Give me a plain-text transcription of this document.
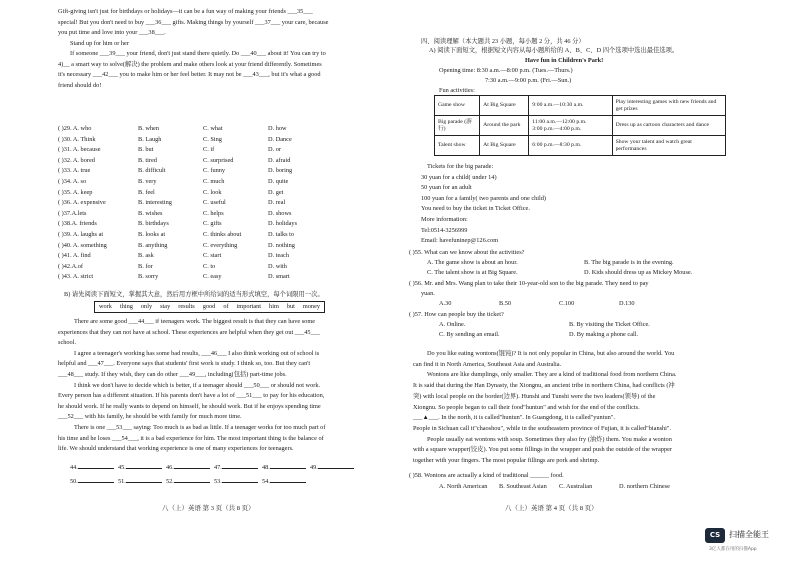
Gift-giving isn't just for birthdays or holidays—it can be a fun way of making your friends ___35___
special! But you don't need to buy ___36___ gifts. Making things by yourself ___37___ your care, because
you put time and love into your ___38___.
Stand up for him or her
If someone ___39___ your friend, don't just stand there quietly. Do ___40___ about it! You can try to
4)__ a smart way to solve(解决) the problem and make others look at your friend differently. Sometimes
it's necessary ___42___ you to make him or her feel better. It may not be ___43___, but it's what a good
friend should do!
( )29. A. who	B. when	C. what	D. how
( )30. A. Think	B. Laugh	C. Sing	D. Dance
( )31. A. because	B. but	C. if	D. or
( )32. A. bored	B. tired	C. surprised	D. afraid
( )33. A. true	B. difficult	C. funny	D. boring
( )34. A. so	B. very	C. much	D. quite
( )35. A. keep	B. feel	C. look	D. get
( )36. A. expensive	B. interesting	C. useful	D. real
( )37.A.lets	B. wishes	C. helps	D. shows
( )38.A. friends	B. birthdays	C. gifts	D. holidays
( )39. A. laughs at	B. looks at	C. thinks about	D. talks to
( )40. A. something	B. anything	C. everything	D. nothing
( )41. A. find	B. ask	C. start	D. teach
( )42.A.of	B. for	C. to	D. with
( )43. A. strict	B. sorry	C. easy	D. smart
B) 请先阅读下面短文，掌握其大意，然后用方框中所给词的适当形式填空，每个词限用一次。
work thing only stay results good of important him but money
There are some good ___44___ if teenagers work. The biggest result is that they can have some
experiences that they can not have at school. These experiences are helpful when they get out ___45___
school.
I agree a teenager's working has some bad results, ___46___ I also think working out of school is
helpful and ___47___. Everyone says that students' first work is study. I think so, too. But they can't
___48___ study. If they wish, they can do other ___49___, including(包括) part-time jobs.
I think we don't have to decide which is better, if a teenager should ___50___ or should not work.
Every person has a different situation. If his parents don't have a lot of ___51___ to pay for his education,
he should work. If he really wants to depend on himself, he should work. But if he enjoys spending time
___52___ with his family, he should be with family for much more time.
There is one ___53___ saying: Too much is as bad as little. If a teenager works for too much part of
his time and he loses ___54___, it is a bad experience for him. The most important thing is the balance of
life. We should understand that working experience is one of many experiences for teenagers.
44.	45.	46.	47.	48.	49.
50.	51.	52.	53.	54.
八（上）英语 第 3 页（共 8 页）
四、阅读理解（本大题共 23 小题，每小题 2 分，共 46 分）
A) 阅读下面短文，根据短文内容从每小题所给的 A、B、C、D 四个选项中选出最佳选项。
Have fun in Children's Park!
Opening time: 8:30 a.m.—8:00 p.m. (Tues.—Thurs.)
7:30 a.m.—9:00 p.m. (Fri.—Sun.)
Fun activities:
Game show	At Big Square	9:00 a.m.—10:30 a.m.	Play interesting games with new friends and get prizes
Big parade (游行)	Around the park	11:00 a.m.—12:00 p.m.
3:00 p.m.—4:00 p.m.	Dress up as cartoon characters and dance
Talent show	At Big Square	6:00 p.m.—8:30 p.m.	Show your talent and watch great performances
Tickets for the big parade:
30 yuan for a child( under 14)
50 yuan for an adult
100 yuan for a family( two parents and one child)
You need to buy the ticket in Ticket Office.
More information:
Tel:0514-3256999
Email: havefuninep@126.com
( )55. What can we know about the activities?
A. The game show is about an hour.	B. The big parade is in the evening.
C. The talent show is at Big Square.	D. Kids should dress up as Mickey Mouse.
( )56. Mr. and Mrs. Wang plan to take their 10-year-old son to the big parade. They need to pay
yuan.
A.30	B.50	C.100	D.130
( )57. How can people buy the ticket?
A. Online.	B. By visiting the Ticket Office.
C. By sending an email.	D. By making a phone call.
Do you like eating wontons(馄饨)? It is not only popular in China, but also around the world. You
can find it in North America, Southeast Asia and Australia.
Wontons are like dumplings, only smaller. They are a kind of traditional food from northern China.
It is said that during the Han Dynasty, the Xiongnu, an ancient tribe in northern China, had conflicts (冲
突) with local people on the border(边界). Hunshi and Tunshi were the two leaders(领导) of the
Xiongnu. So people began to call their food"huntun" and wish for the end of the conflicts.
___▲___. In the north, it is called"huntun". In Guangdong, it is called"yuntun".
People in Sichuan call it"chaoshou", while in the southeastern province of Fujian, it is called"bianshi".
People usually eat wontons with soup. Sometimes they also fry (油炸) them. You make a wonton
with a square wrapper(饺皮). You put some fillings in the wrapper and push the outside of the wrapper
together with your fingers. The most popular fillings are pork and shrimp.
( )58. Wontons are actually a kind of traditional ______ food.
A. North American B. Southeast Asian C. Australian	D. northern Chinese
八（上）英语 第 4 页（共 8 页）
CS	扫描全能王
3亿人都在用的扫描App
